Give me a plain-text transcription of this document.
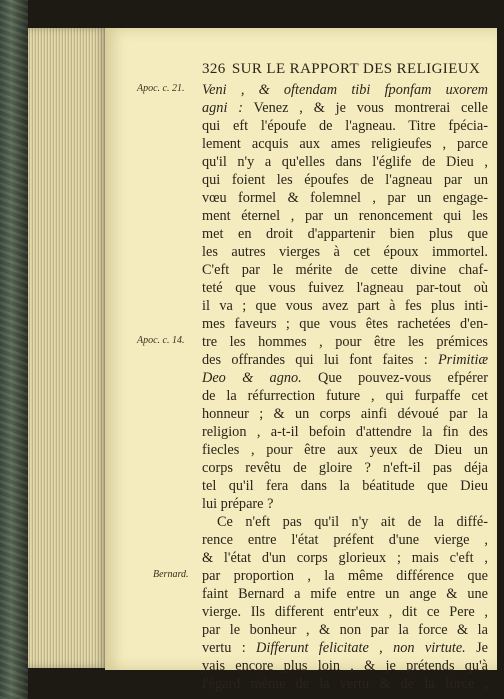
326 SUR LE RAPPORT DES RELIGIEUX
Apoc. c. 21.
Apoc. c. 14.
Bernard.
Veni , & oftendam tibi fponfam uxorem
agni : Venez , & je vous montrerai celle
qui eft l'époufe de l'agneau. Titre fpécia-
lement acquis aux ames religieufes , parce
qu'il n'y a qu'elles dans l'églife de Dieu ,
qui foient les époufes de l'agneau par un
vœu formel & folemnel , par un engage-
ment éternel , par un renoncement qui les
met en droit d'appartenir bien plus que
les autres vierges à cet époux immortel.
C'eft par le mérite de cette divine chaf-
teté que vous fuivez l'agneau par-tout où
il va ; que vous avez part à fes plus inti-
mes faveurs ; que vous êtes rachetées d'en-
tre les hommes , pour être les prémices
des offrandes qui lui font faites : Primitiæ
Deo & agno. Que pouvez-vous efpérer
de la réfurrection future , qui furpaffe cet
honneur ; & un corps ainfi dévoué par la
religion , a-t-il befoin d'attendre la fin des
fiecles , pour être aux yeux de Dieu un
corps revêtu de gloire ? n'eft-il pas déja
tel qu'il fera dans la béatitude que Dieu
lui prépare ?
Ce n'eft pas qu'il n'y ait de la diffé-
rence entre l'état préfent d'une vierge ,
& l'état d'un corps glorieux ; mais c'eft ,
par proportion , la même différence que
faint Bernard a mife entre un ange & une
vierge. Ils different entr'eux , dit ce Pere ,
par le bonheur , & non par la force & la
vertu : Differunt felicitate , non virtute. Je
vais encore plus loin , & je prétends qu'à
l'égard même de la vertu & de la force ,
